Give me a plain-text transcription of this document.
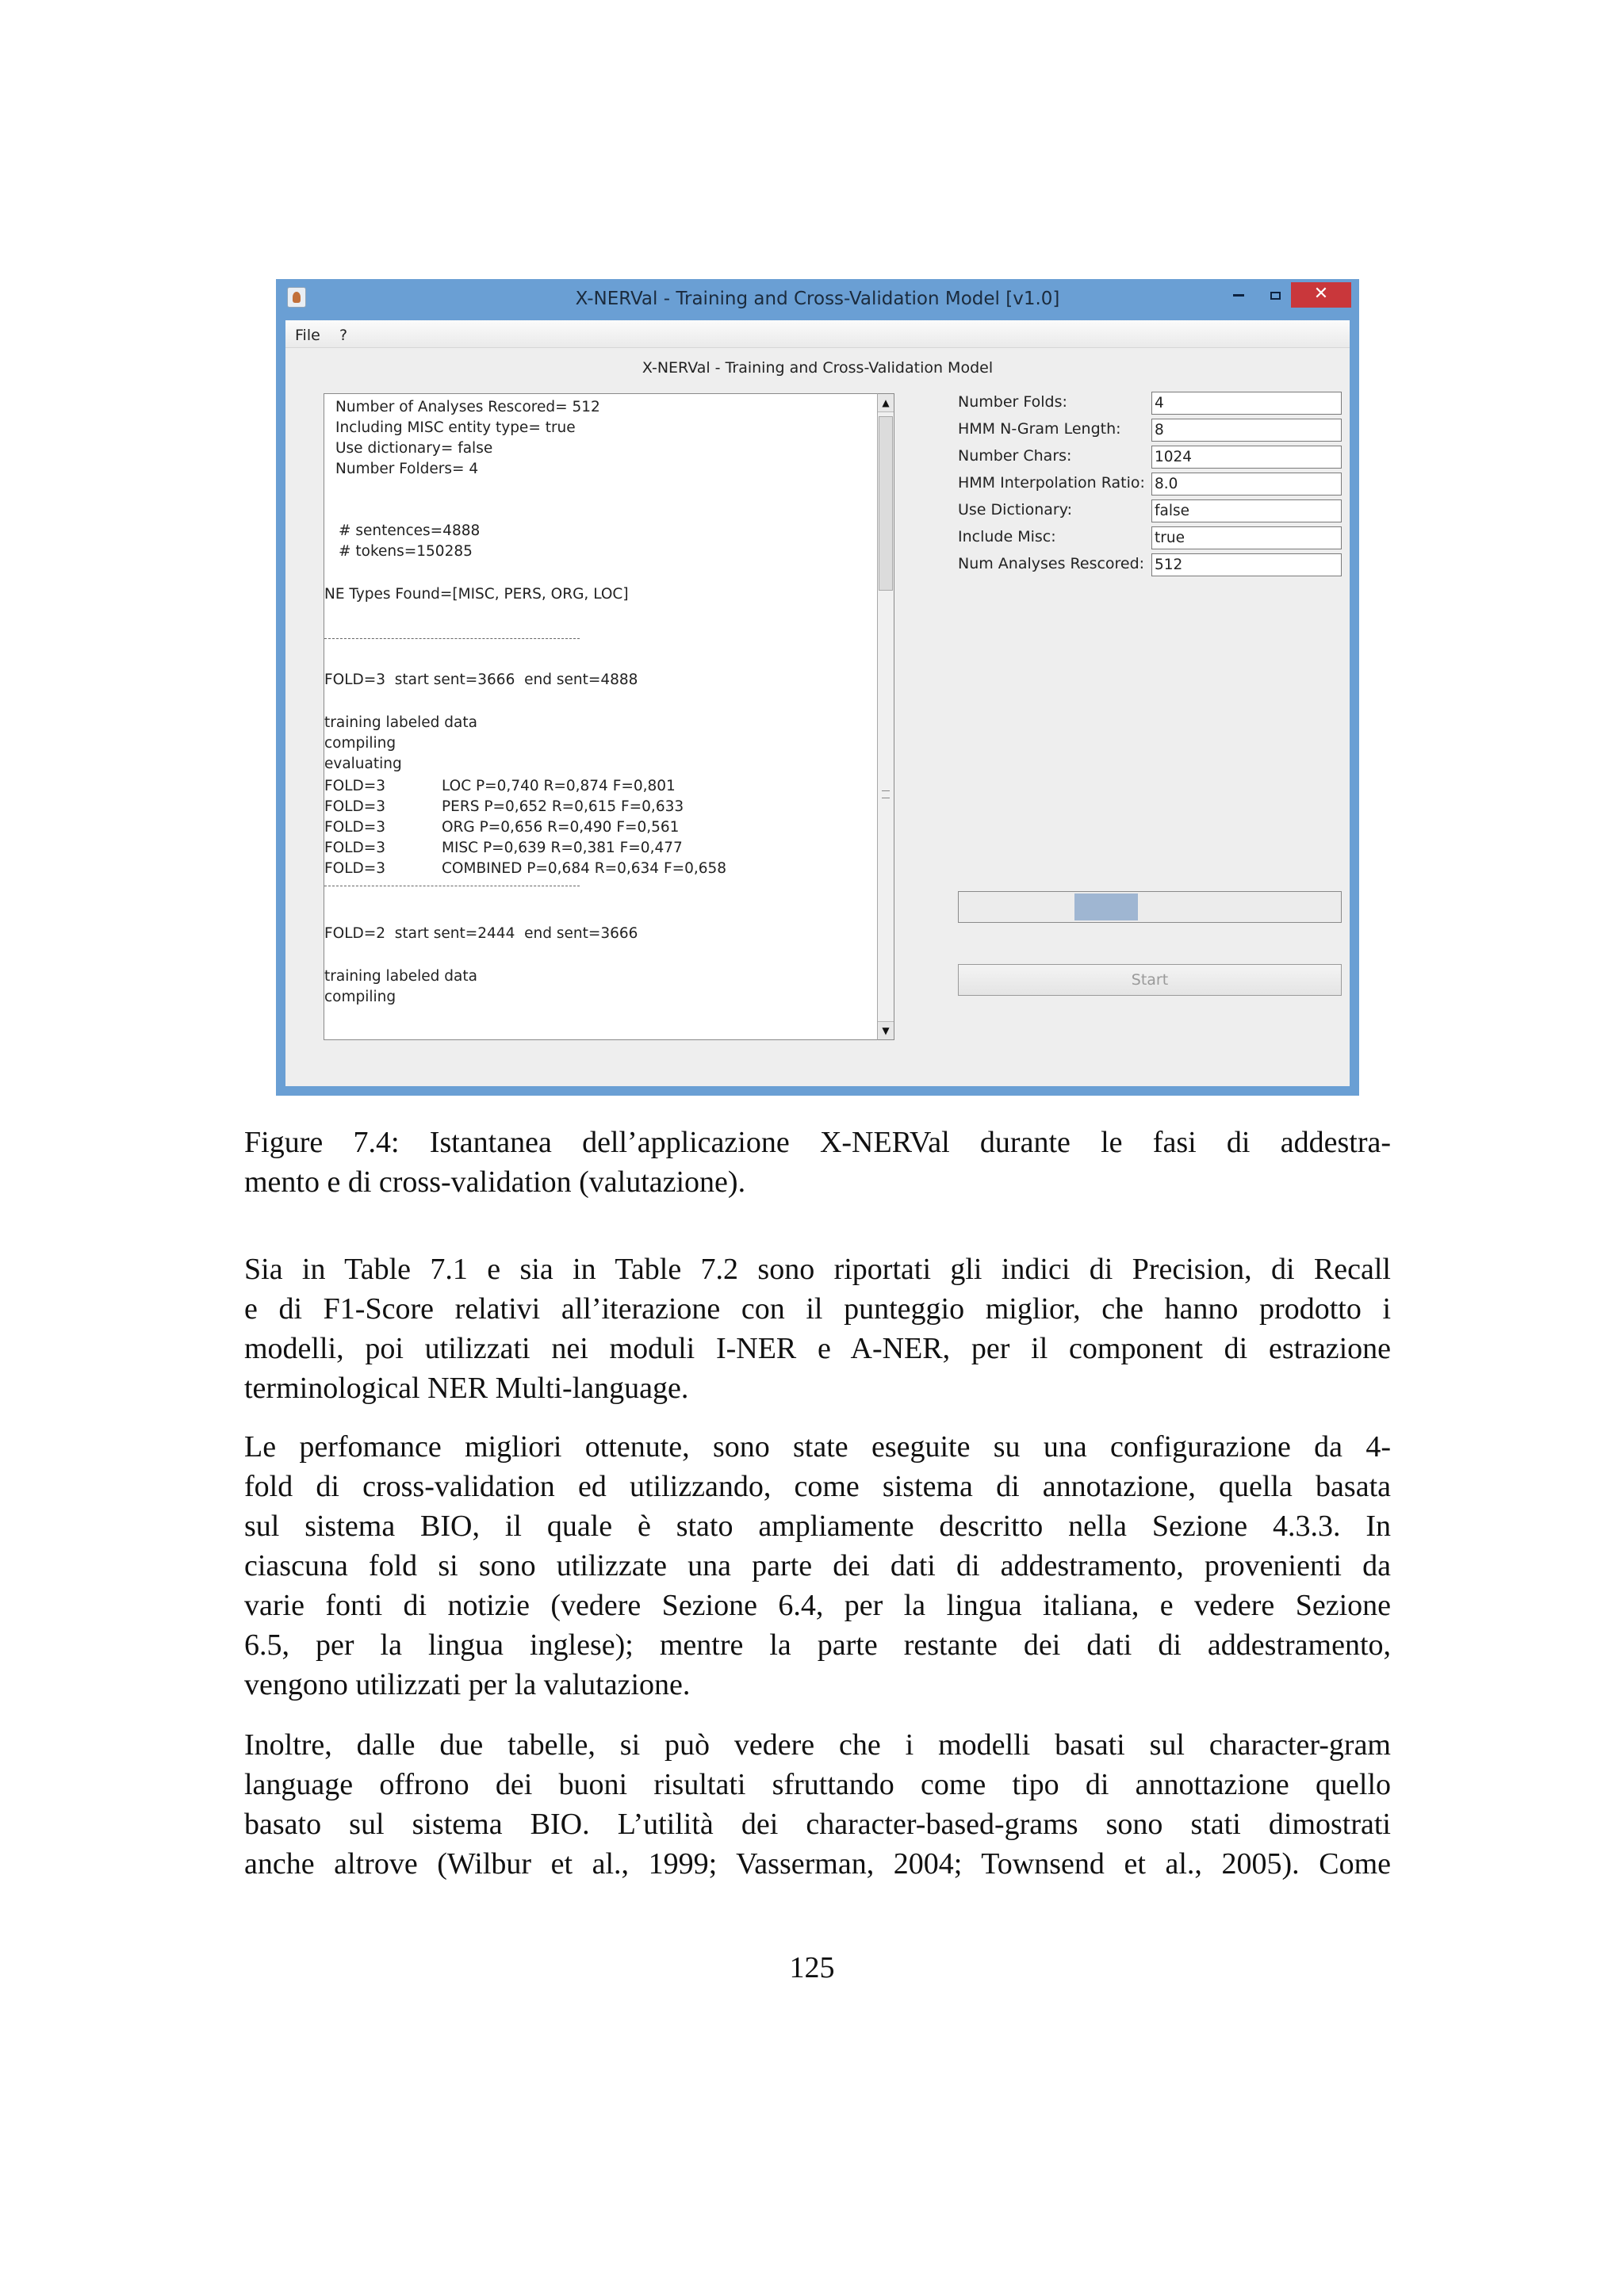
X-NERVal - Training and Cross-Validation Model [v1.0]	✕
File ?
X-NERVal - Training and Cross-Validation Model
Number of Analyses Rescored= 512
Including MISC entity type= true
Use dictionary= false
Number Folders= 4
# sentences=4888
# tokens=150285
NE Types Found=[MISC, PERS, ORG, LOC]
FOLD=3  start sent=3666  end sent=4888
training labeled data
compiling
evaluating
FOLD=3	LOC P=0,740 R=0,874 F=0,801
FOLD=3	PERS P=0,652 R=0,615 F=0,633
FOLD=3	ORG P=0,656 R=0,490 F=0,561
FOLD=3	MISC P=0,639 R=0,381 F=0,477
FOLD=3	COMBINED P=0,684 R=0,634 F=0,658
FOLD=2  start sent=2444  end sent=3666
training labeled data
compiling
▲
▼
Number Folds:	4
HMM N-Gram Length: 8
Number Chars:	1024
HMM Interpolation Ratio: 8.0
Use Dictionary:	false
Include Misc:	true
Num Analyses Rescored: 512
Start
Figure 7.4: Istantanea dell’applicazione X-NERVal durante le fasi di addestra-
mento e di cross-validation (valutazione).
Sia in Table 7.1 e sia in Table 7.2 sono riportati gli indici di Precision, di Recall
e di F1-Score relativi all’iterazione con il punteggio miglior, che hanno prodotto i
modelli, poi utilizzati nei moduli I-NER e A-NER, per il component di estrazione
terminological NER Multi-language.
Le perfomance migliori ottenute, sono state eseguite su una configurazione da 4-
fold di cross-validation ed utilizzando, come sistema di annotazione, quella basata
sul sistema BIO, il quale è stato ampliamente descritto nella Sezione 4.3.3. In
ciascuna fold si sono utilizzate una parte dei dati di addestramento, provenienti da
varie fonti di notizie (vedere Sezione 6.4, per la lingua italiana, e vedere Sezione
6.5, per la lingua inglese); mentre la parte restante dei dati di addestramento,
vengono utilizzati per la valutazione.
Inoltre, dalle due tabelle, si può vedere che i modelli basati sul character-gram
language offrono dei buoni risultati sfruttando come tipo di annottazione quello
basato sul sistema BIO. L’utilità dei character-based-grams sono stati dimostrati
anche altrove (Wilbur et al., 1999; Vasserman, 2004; Townsend et al., 2005). Come
125
